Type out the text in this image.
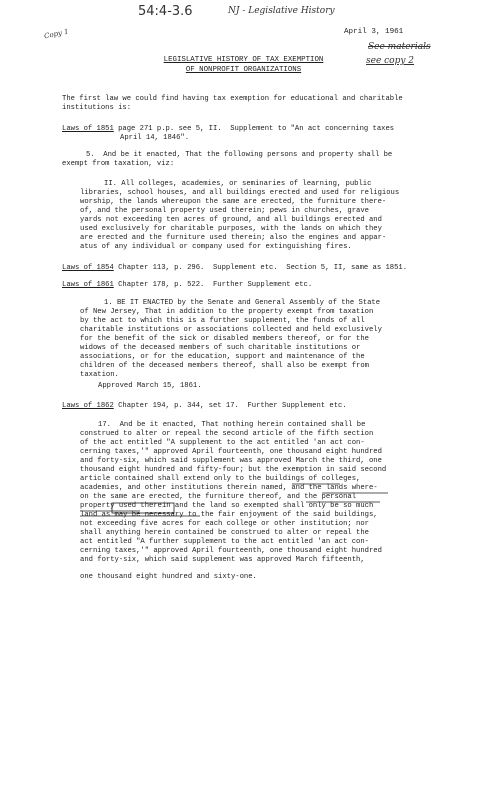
54:4-3.6	NJ - Legislative History
Copy 1	April 3, 1961
See materials
see copy 2
LEGISLATIVE HISTORY OF TAX EXEMPTION
OF NONPROFIT ORGANIZATIONS
The first law we could find having tax exemption for educational and charitable
institutions is:
Laws of 1851 page 271 p.p. see 5, II.  Supplement to "An act concerning taxes
April 14, 1846".
5.  And be it enacted, That the following persons and property shall be
exempt from taxation, viz:
II. All colleges, academies, or seminaries of learning, public
libraries, school houses, and all buildings erected and used for religious
worship, the lands whereupon the same are erected, the furniture there-
of, and the personal property used therein; pews in churches, grave
yards not exceeding ten acres of ground, and all buildings erected and
used exclusively for charitable purposes, with the lands on which they
are erected and the furniture used therein; also the engines and appar-
atus of any individual or company used for extinguishing fires.
Laws of 1854 Chapter 113, p. 296.  Supplement etc.  Section 5, II, same as 1851.
Laws of 1861 Chapter 178, p. 522.  Further Supplement etc.
1. BE IT ENACTED by the Senate and General Assembly of the State
of New Jersey, That in addition to the property exempt from taxation
by the act to which this is a further supplement, the funds of all
charitable institutions or associations collected and held exclusively
for the benefit of the sick or disabled members thereof, or for the
widows of the deceased members of such charitable institutions or
associations, or for the education, support and maintenance of the
children of the deceased members thereof, shall also be exempt from
taxation.
Approved March 15, 1861.
Laws of 1862 Chapter 194, p. 344, set 17.  Further Supplement etc.
17.  And be it enacted, That nothing herein contained shall be
construed to alter or repeal the second article of the fifth section
of the act entitled "A supplement to the act entitled 'an act con-
cerning taxes,'" approved April fourteenth, one thousand eight hundred
and forty-six, which said supplement was approved March the third, one
thousand eight hundred and fifty-four; but the exemption in said second
article contained shall extend only to the buildings of colleges,
academies, and other institutions therein named, and the lands where-
on the same are erected, the furniture thereof, and the personal
property used therein and the land so exempted shall only be so much
land as may be necessary to the fair enjoyment of the said buildings,
not exceeding five acres for each college or other institution; nor
shall anything herein contained be construed to alter or repeal the
act entitled "A further supplement to the act entitled 'an act con-
cerning taxes,'" approved April fourteenth, one thousand eight hundred
and forty-six, which said supplement was approved March fifteenth,
one thousand eight hundred and sixty-one.
